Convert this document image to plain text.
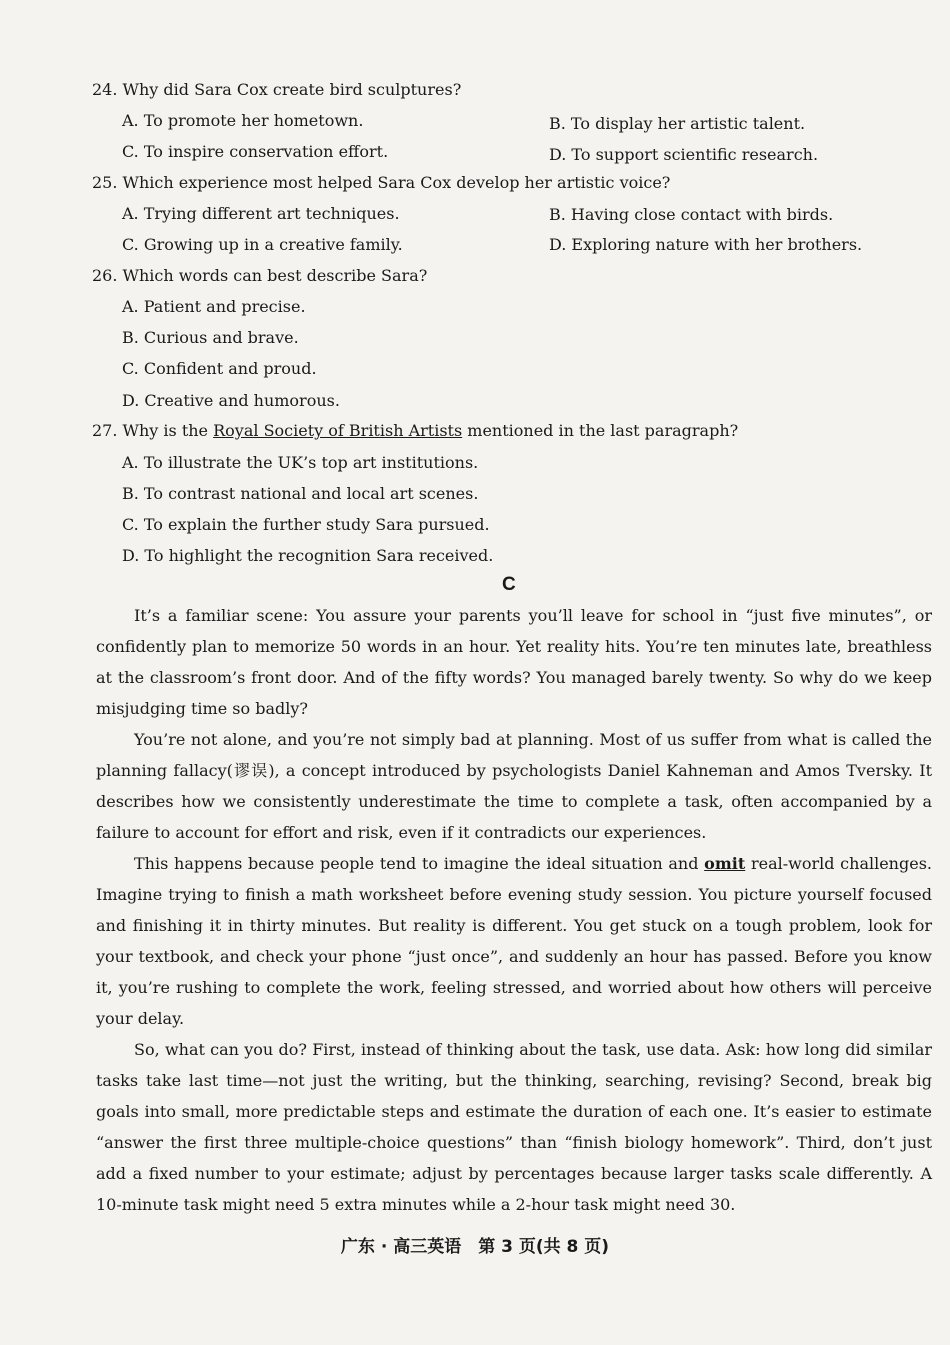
24. Why did Sara Cox create bird sculptures?
A. To promote her hometown.	B. To display her artistic talent.
C. To inspire conservation effort.	D. To support scientific research.
25. Which experience most helped Sara Cox develop her artistic voice?
A. Trying different art techniques.	B. Having close contact with birds.
C. Growing up in a creative family.	D. Exploring nature with her brothers.
26. Which words can best describe Sara?
A. Patient and precise.
B. Curious and brave.
C. Confident and proud.
D. Creative and humorous.
27. Why is the Royal Society of British Artists mentioned in the last paragraph?
A. To illustrate the UK’s top art institutions.
B. To contrast national and local art scenes.
C. To explain the further study Sara pursued.
D. To highlight the recognition Sara received.
C

It’s a familiar scene: You assure your parents you’ll leave for school in “just five minutes”, or confidently plan to memorize 50 words in an hour. Yet reality hits. You’re ten minutes late, breathless at the classroom’s front door. And of the fifty words? You managed barely twenty. So why do we keep misjudging time so badly?

You’re not alone, and you’re not simply bad at planning. Most of us suffer from what is called the planning fallacy(谬误), a concept introduced by psychologists Daniel Kahneman and Amos Tversky. It describes how we consistently underestimate the time to complete a task, often accompanied by a failure to account for effort and risk, even if it contradicts our experiences.

This happens because people tend to imagine the ideal situation and omit real-world challenges. Imagine trying to finish a math worksheet before evening study session. You picture yourself focused and finishing it in thirty minutes. But reality is different. You get stuck on a tough problem, look for your textbook, and check your phone “just once”, and suddenly an hour has passed. Before you know it, you’re rushing to complete the work, feeling stressed, and worried about how others will perceive your delay.

So, what can you do? First, instead of thinking about the task, use data. Ask: how long did similar tasks take last time—not just the writing, but the thinking, searching, revising? Second, break big goals into small, more predictable steps and estimate the duration of each one. It’s easier to estimate “answer the first three multiple-choice questions” than “finish biology homework”. Third, don’t just add a fixed number to your estimate; adjust by percentages because larger tasks scale differently. A 10-minute task might need 5 extra minutes while a 2-hour task might need 30.

广东 · 高三英语　第 3 页(共 8 页)
